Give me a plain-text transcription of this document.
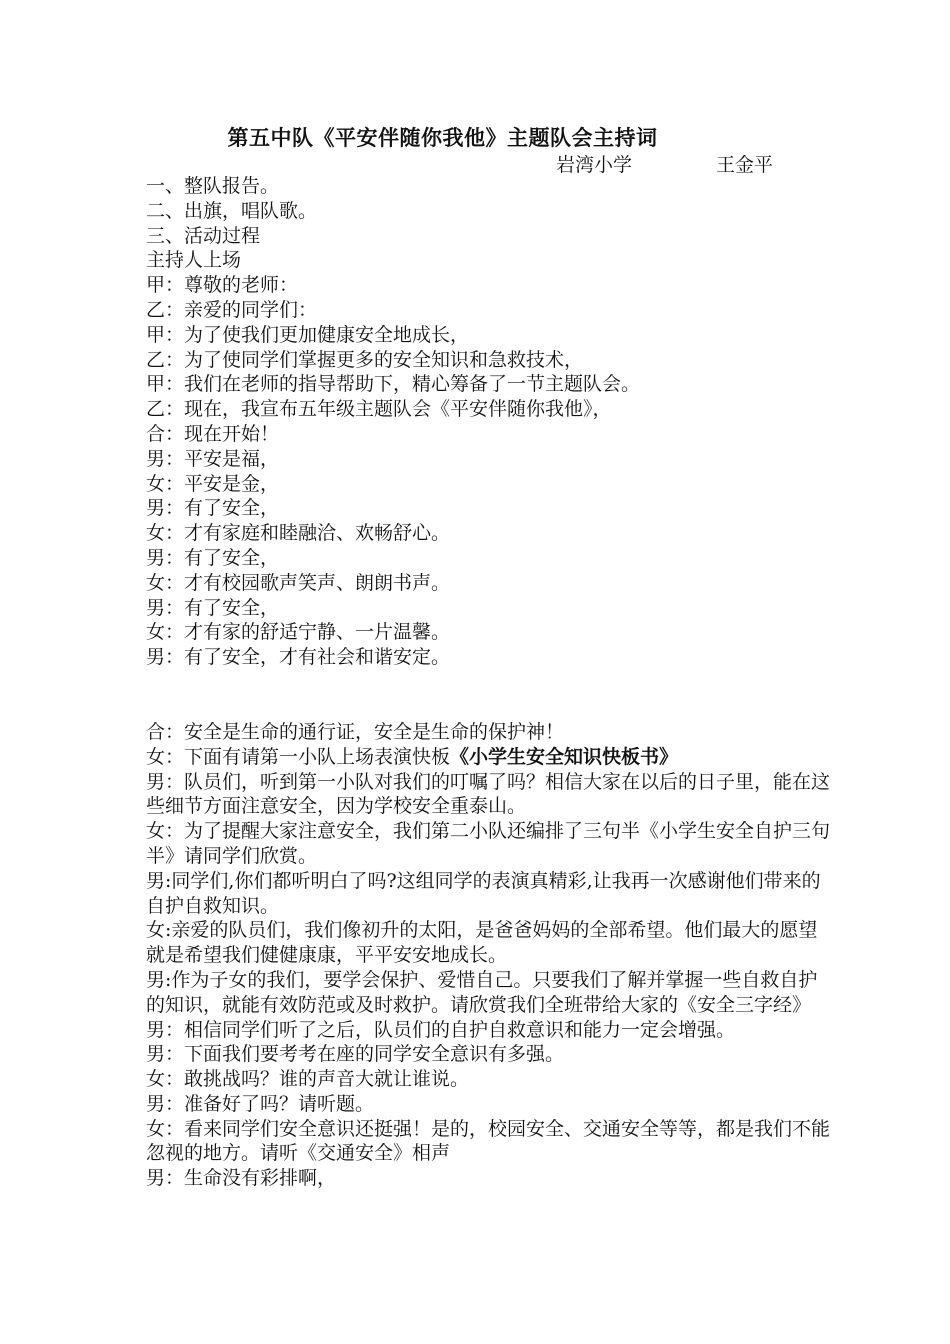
第五中队《平安伴随你我他》主题队会主持词
岩湾小学	王金平
一、整队报告。
二、出旗，唱队歌。
三、活动过程
主持人上场
甲：尊敬的老师：
乙：亲爱的同学们：
甲：为了使我们更加健康安全地成长，
乙：为了使同学们掌握更多的安全知识和急救技术，
甲：我们在老师的指导帮助下，精心筹备了一节主题队会。
乙：现在，我宣布五年级主题队会《平安伴随你我他》，
合：现在开始！
男：平安是福，
女：平安是金，
男：有了安全，
女：才有家庭和睦融洽、欢畅舒心。
男：有了安全，
女：才有校园歌声笑声、朗朗书声。
男：有了安全，
女：才有家的舒适宁静、一片温馨。
男：有了安全，才有社会和谐安定。
合：安全是生命的通行证，安全是生命的保护神！
女：下面有请第一小队上场表演快板《小学生安全知识快板书》
男：队员们，听到第一小队对我们的叮嘱了吗？相信大家在以后的日子里，能在这些细节方面注意安全，因为学校安全重泰山。
女：为了提醒大家注意安全，我们第二小队还编排了三句半《小学生安全自护三句半》请同学们欣赏。
男:同学们,你们都听明白了吗?这组同学的表演真精彩,让我再一次感谢他们带来的自护自救知识。
女:亲爱的队员们，我们像初升的太阳，是爸爸妈妈的全部希望。他们最大的愿望就是希望我们健健康康，平平安安地成长。
男:作为子女的我们，要学会保护、爱惜自己。只要我们了解并掌握一些自救自护的知识，就能有效防范或及时救护。请欣赏我们全班带给大家的《安全三字经》
男：相信同学们听了之后，队员们的自护自救意识和能力一定会增强。
男：下面我们要考考在座的同学安全意识有多强。
女：敢挑战吗？谁的声音大就让谁说。
男：准备好了吗？请听题。
女：看来同学们安全意识还挺强！是的，校园安全、交通安全等等，都是我们不能忽视的地方。请听《交通安全》相声
男：生命没有彩排啊，
